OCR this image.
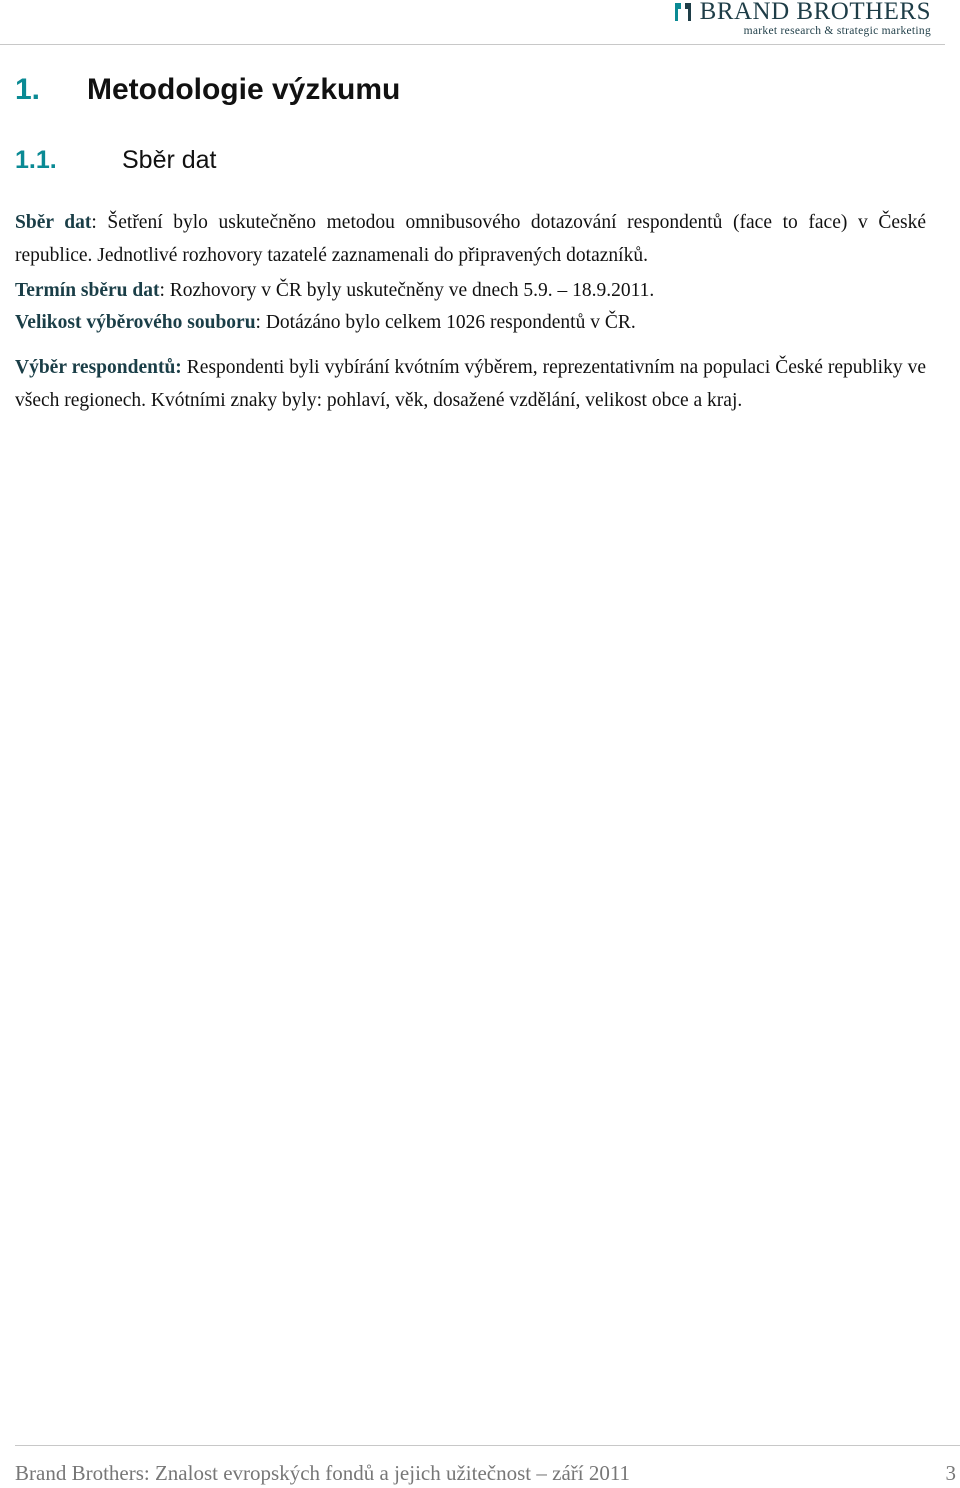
BRAND BROTHERS
market research & strategic marketing
1. Metodologie výzkumu
1.1.	Sběr dat
Sběr dat: Šetření bylo uskutečněno metodou omnibusového dotazování respondentů (face to face) v České republice. Jednotlivé rozhovory tazatelé zaznamenali do připravených dotazníků.
Termín sběru dat: Rozhovory v ČR byly uskutečněny ve dnech 5.9. – 18.9.2011.
Velikost výběrového souboru: Dotázáno bylo celkem 1026 respondentů v ČR.
Výběr respondentů: Respondenti byli vybírání kvótním výběrem, reprezentativním na populaci České republiky ve všech regionech. Kvótními znaky byly: pohlaví, věk, dosažené vzdělání, velikost obce a kraj.
Brand Brothers: Znalost evropských fondů a jejich užitečnost – září 2011	3
